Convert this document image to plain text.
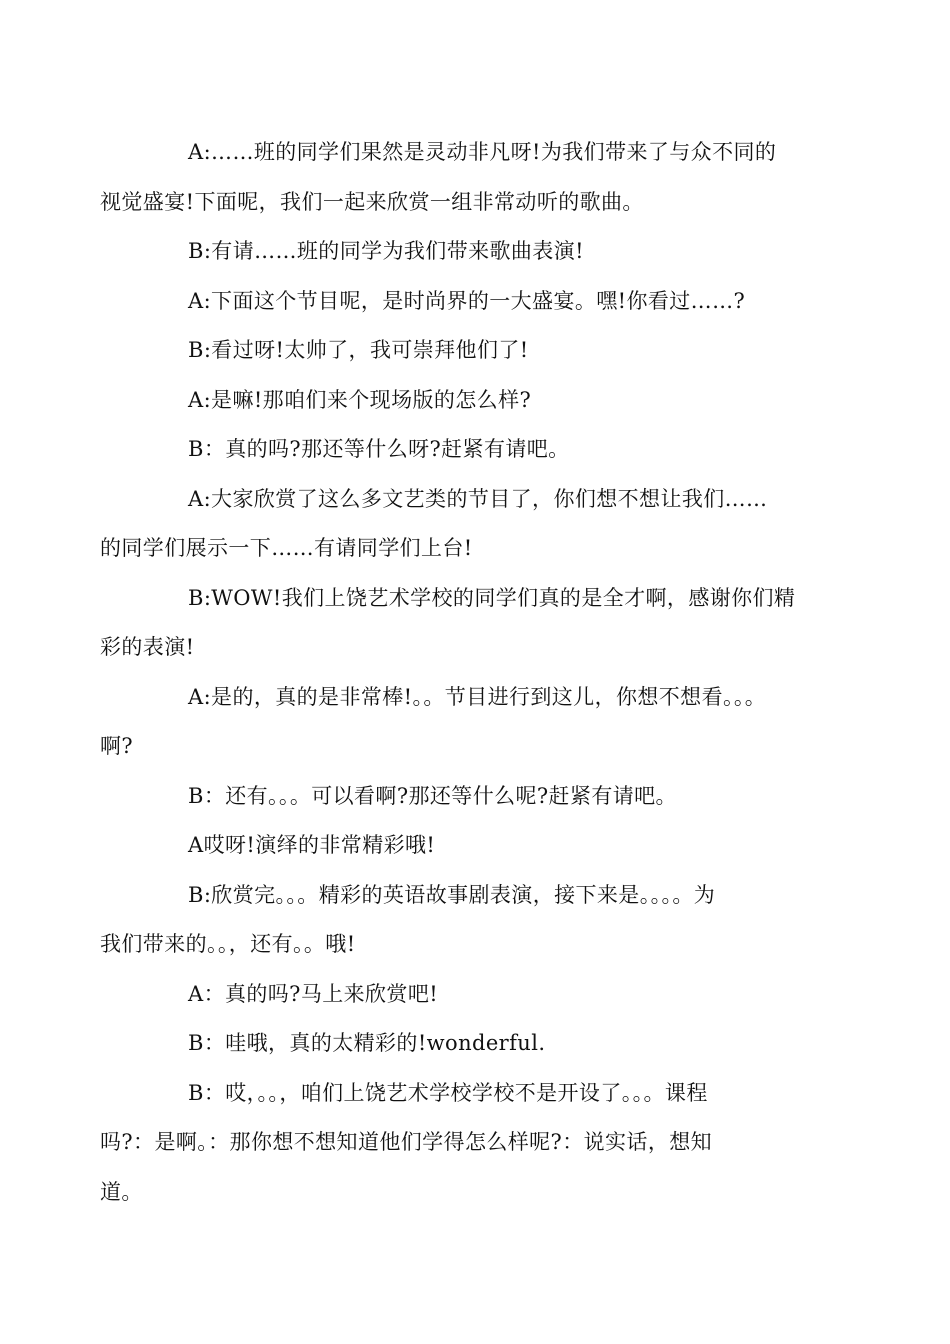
A:……班的同学们果然是灵动非凡呀!为我们带来了与众不同的
视觉盛宴!下面呢，我们一起来欣赏一组非常动听的歌曲。

B:有请……班的同学为我们带来歌曲表演!

A:下面这个节目呢，是时尚界的一大盛宴。嘿!你看过……?

B:看过呀!太帅了，我可崇拜他们了!

A:是嘛!那咱们来个现场版的怎么样?

B：真的吗?那还等什么呀?赶紧有请吧。

A:大家欣赏了这么多文艺类的节目了，你们想不想让我们……
的同学们展示一下……有请同学们上台!

B:WOW!我们上饶艺术学校的同学们真的是全才啊，感谢你们精
彩的表演!

A:是的，真的是非常棒!。。节目进行到这儿，你想不想看。。。
啊?

B：还有。。。可以看啊?那还等什么呢?赶紧有请吧。

A哎呀!演绎的非常精彩哦!

B:欣赏完。。。精彩的英语故事剧表演，接下来是。。。。为
我们带来的。。，还有。。哦!

A：真的吗?马上来欣赏吧!

B：哇哦，真的太精彩的!wonderful.

B：哎，。。，咱们上饶艺术学校学校不是开设了。。。课程
吗?：是啊。：那你想不想知道他们学得怎么样呢?：说实话，想知
道。
